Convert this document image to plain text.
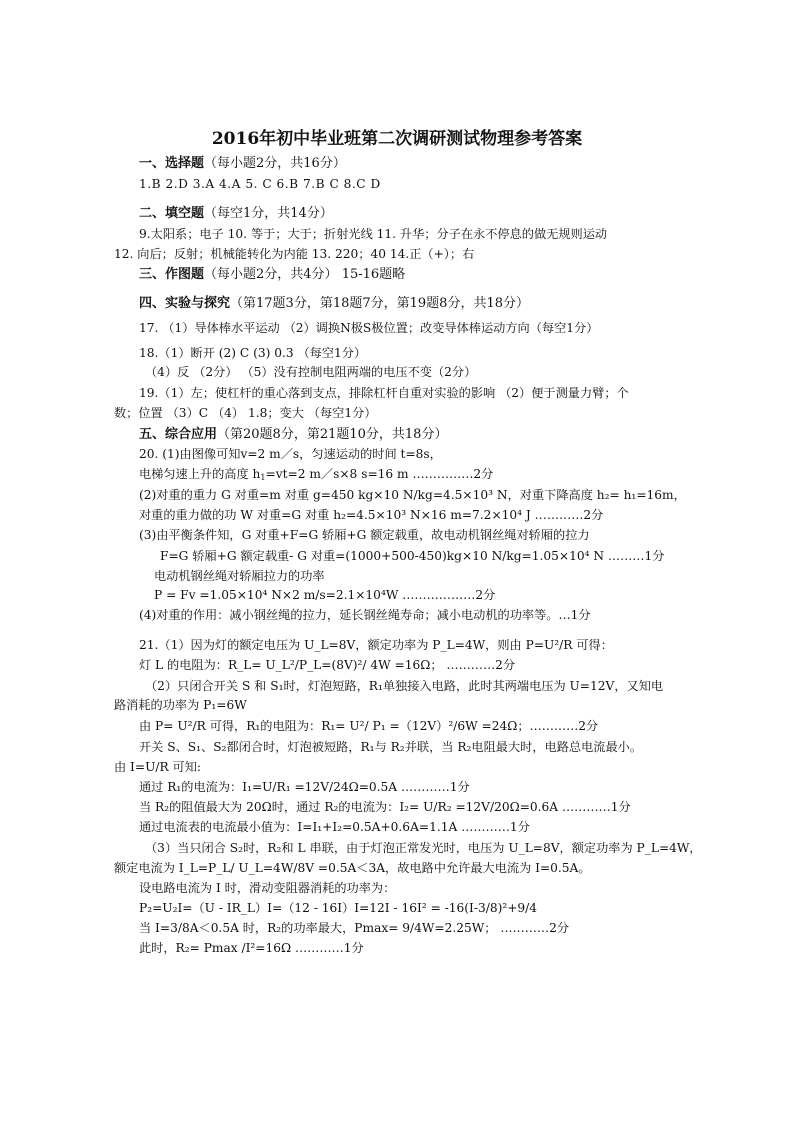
2016年初中毕业班第二次调研测试物理参考答案
一、选择题（每小题2分，共16分）
1.B 2.D 3.A 4.A 5. C 6.B 7.B C 8.C D
二、填空题（每空1分，共14分）
9.太阳系；电子 10. 等于；大于；折射光线 11. 升华；分子在永不停息的做无规则运动
12. 向后；反射；机械能转化为内能 13. 220；40 14.正（+）；右
三、作图题（每小题2分，共4分） 15-16题略
四、实验与探究（第17题3分，第18题7分，第19题8分，共18分）
17. （1）导体棒水平运动 （2）调换N极S极位置；改变导体棒运动方向（每空1分）
18.（1）断开 (2) C (3) 0.3 （每空1分）
（4）反 （2分） （5）没有控制电阻两端的电压不变（2分）
19.（1）左；使杠杆的重心落到支点，排除杠杆自重对实验的影响 （2）便于测量力臂；个
数；位置 （3）C （4） 1.8；变大 （每空1分）
五、综合应用（第20题8分，第21题10分，共18分）
20. (1)由图像可知v=2 m／s，匀速运动的时间 t=8s，
电梯匀速上升的高度 $h_1=vt=2$ m／s×8 s=16 m ……………2分
(2)对重的重力 G 对重=m 对重 g=450 kg×10 N/kg=4.5×10³ N，对重下降高度 h₂= h₁=16m，
对重的重力做的功 W 对重=G 对重 h₂=4.5×10³ N×16 m=7.2×10⁴ J …………2分
(3)由平衡条件知，G 对重+F=G 轿厢+G 额定载重，故电动机钢丝绳对轿厢的拉力
F=G 轿厢+G 额定载重- G 对重=(1000+500-450)kg×10 N/kg=1.05×10⁴ N ………1分
电动机钢丝绳对轿厢拉力的功率
P = Fv =1.05×10⁴ N×2 m/s=2.1×10⁴W ………………2分
(4)对重的作用：减小钢丝绳的拉力，延长钢丝绳寿命；减小电动机的功率等。…1分
21.（1）因为灯的额定电压为 U_L=8V，额定功率为 P_L=4W，则由 P=U²/R 可得：
灯 L 的电阻为：R_L= U_L²/P_L=(8V)²/ 4W =16Ω； …………2分
（2）只闭合开关 S 和 S₁时，灯泡短路，R₁单独接入电路，此时其两端电压为 U=12V，又知电
路消耗的功率为 P₁=6W
由 P= U²/R 可得，R₁的电阻为：R₁= U²/ P₁ =（12V）²/6W =24Ω；…………2分
开关 S、S₁、S₂都闭合时，灯泡被短路，R₁与 R₂并联，当 R₂电阻最大时，电路总电流最小。
由 I=U/R 可知:
通过 R₁的电流为：I₁=U/R₁ =12V/24Ω=0.5A …………1分
当 R₂的阻值最大为 20Ω时，通过 R₂的电流为：I₂= U/R₂ =12V/20Ω=0.6A …………1分
通过电流表的电流最小值为：I=I₁+I₂=0.5A+0.6A=1.1A …………1分
（3）当只闭合 S₂时，R₂和 L 串联，由于灯泡正常发光时，电压为 U_L=8V，额定功率为 P_L=4W，
额定电流为 I_L=P_L/ U_L=4W/8V =0.5A＜3A，故电路中允许最大电流为 I=0.5A。
设电路电流为 I 时，滑动变阻器消耗的功率为：
P₂=U₂I=（U - IR_L）I=（12 - 16I）I=12I - 16I² = -16(I-3/8)²+9/4
当 I=3/8A＜0.5A 时，R₂的功率最大，Pmax= 9/4W=2.25W； …………2分
此时，R₂= Pmax /I²=16Ω …………1分
